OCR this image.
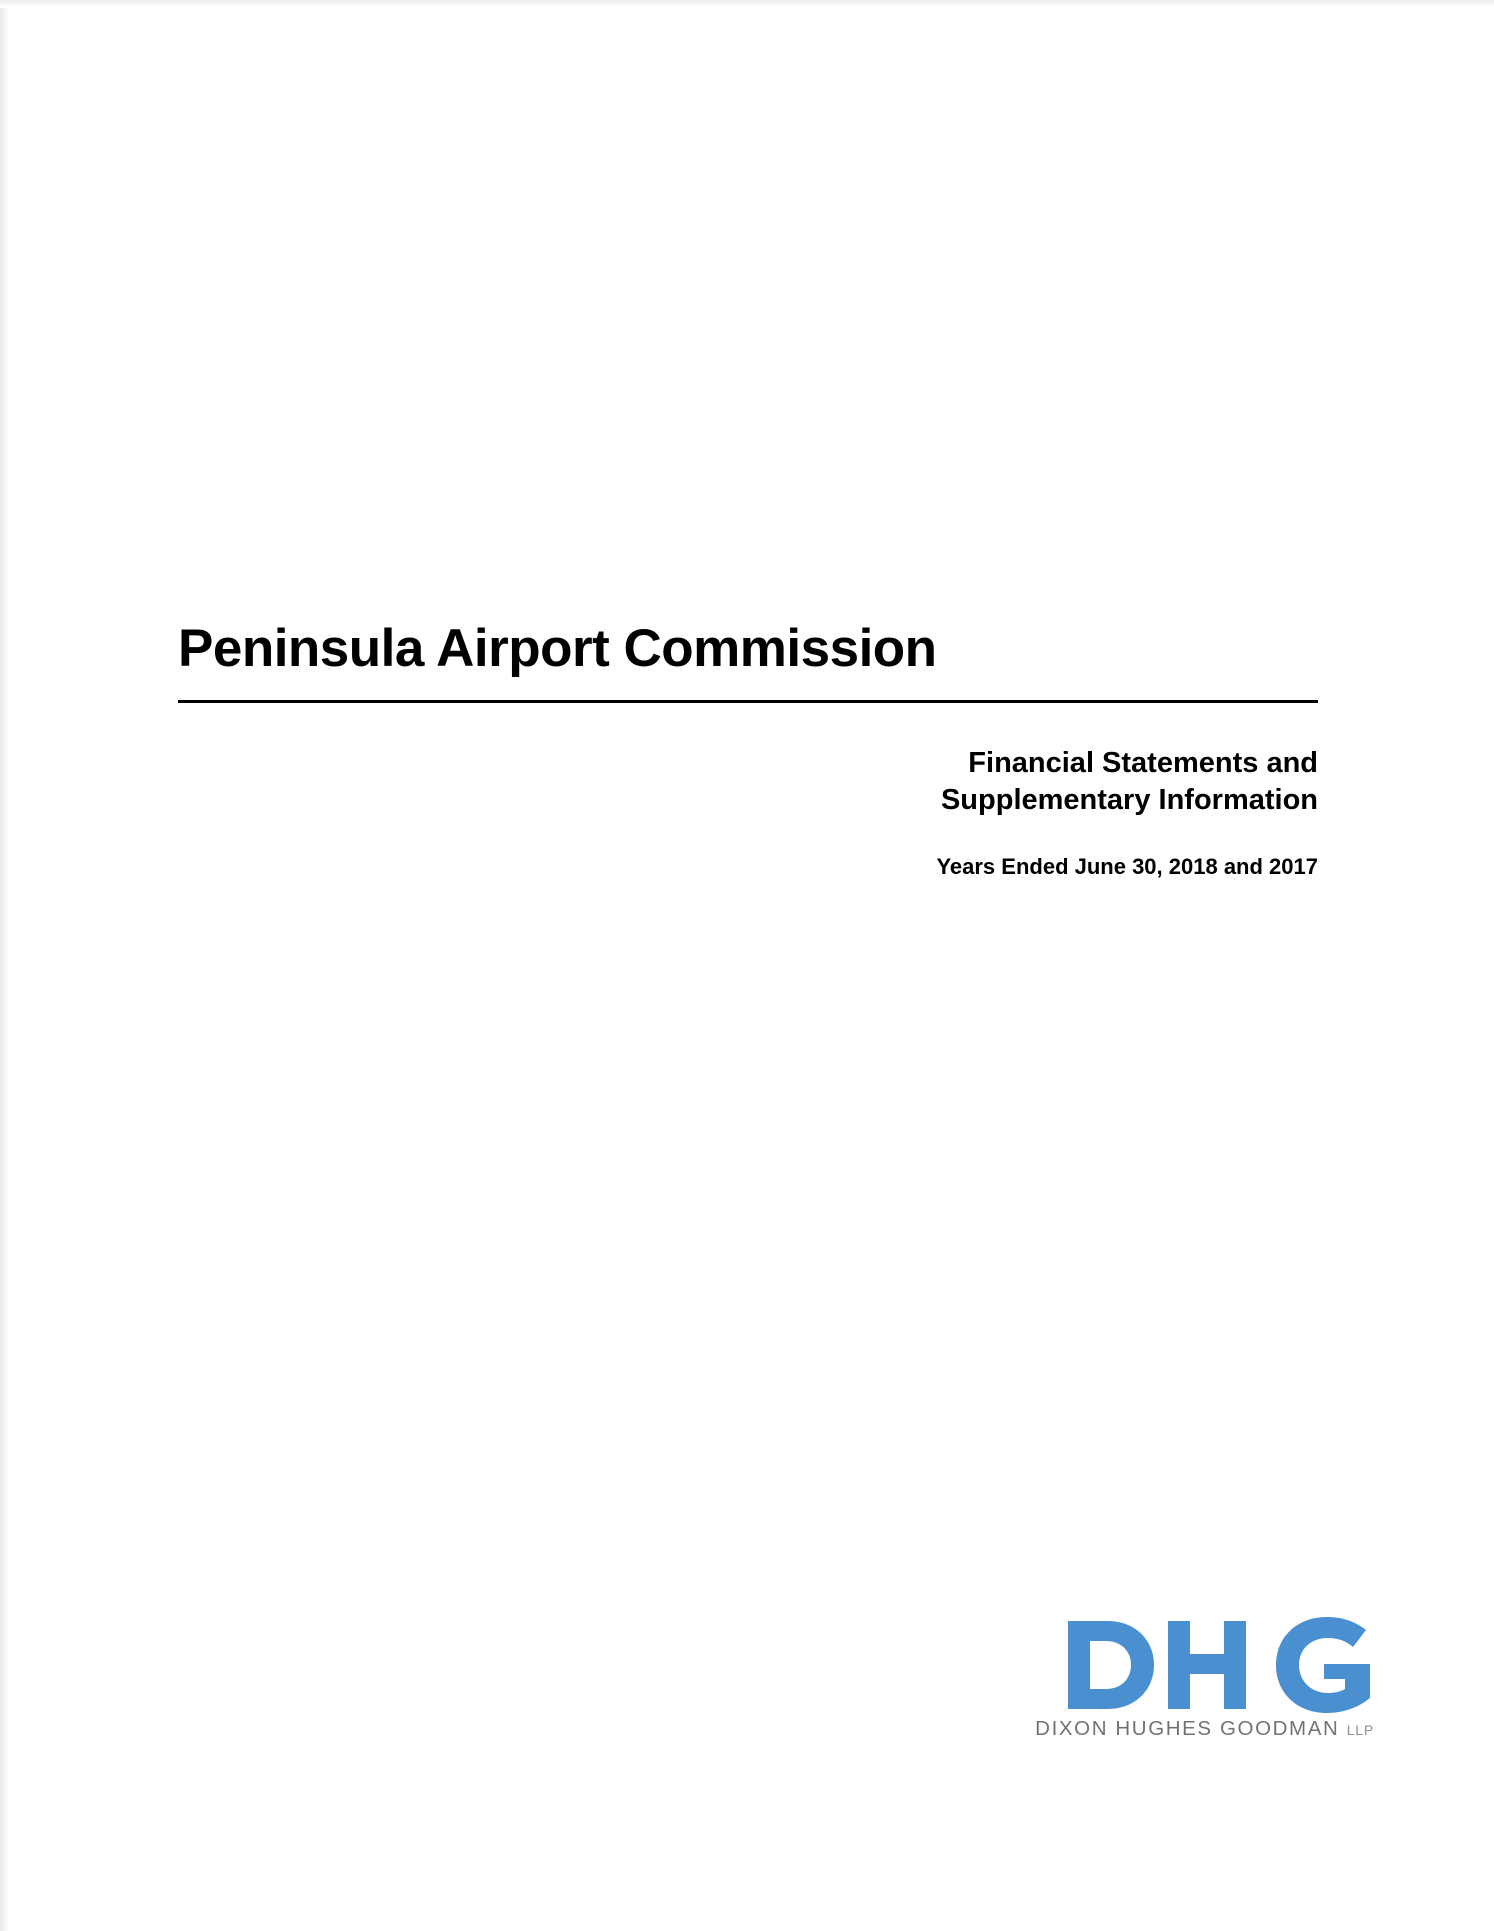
Peninsula Airport Commission
Financial Statements and
Supplementary Information
Years Ended June 30, 2018 and 2017
DIXON HUGHES GOODMAN LLP
